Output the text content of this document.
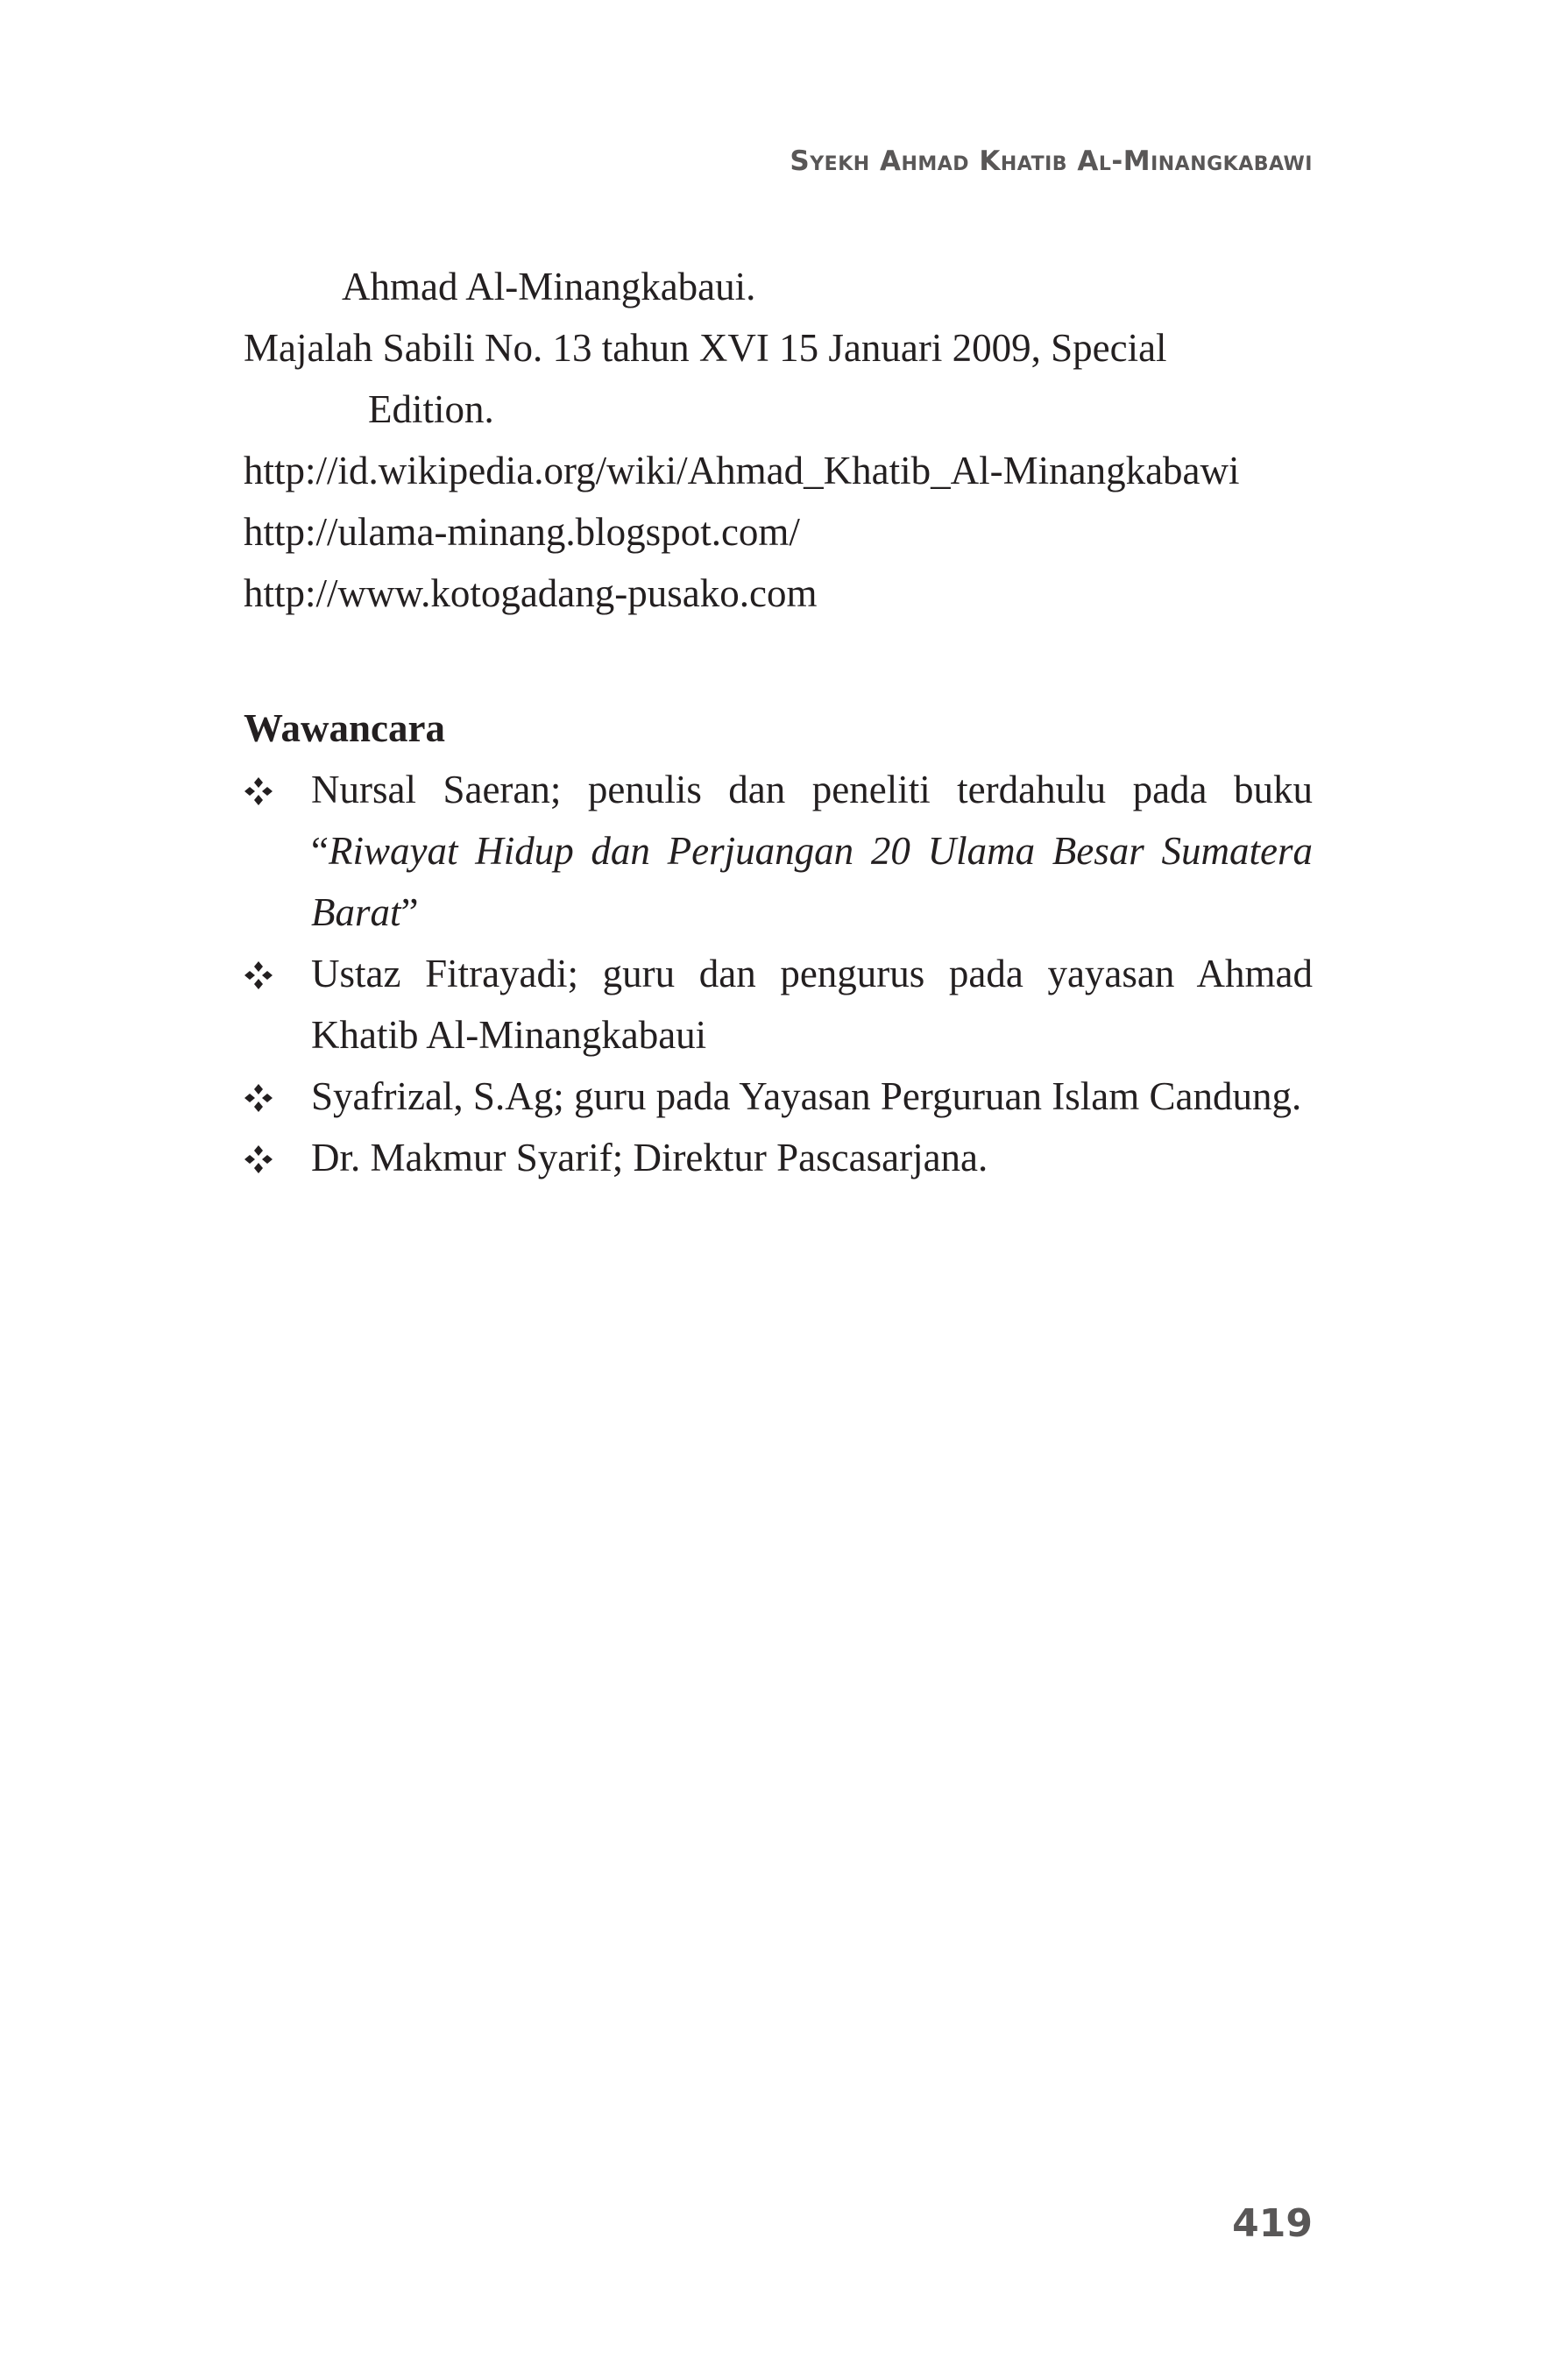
Syekh Ahmad Khatib Al-Minangkabawi

Ahmad Al-Minangkabaui.

Majalah Sabili No. 13 tahun XVI 15 Januari 2009, Special

Edition.

http://id.wikipedia.org/wiki/Ahmad_Khatib_Al-Minangkabawi

http://ulama-minang.blogspot.com/

http://www.kotogadang-pusako.com

Wawancara
Nursal Saeran; penulis dan peneliti terdahulu pada buku “Riwayat Hidup dan Perjuangan 20 Ulama Besar Sumatera Barat”
Ustaz Fitrayadi; guru dan pengurus pada yayasan Ahmad Khatib Al-Minangkabaui
Syafrizal, S.Ag; guru pada Yayasan Perguruan Islam Candung.
Dr. Makmur Syarif; Direktur Pascasarjana.
419
